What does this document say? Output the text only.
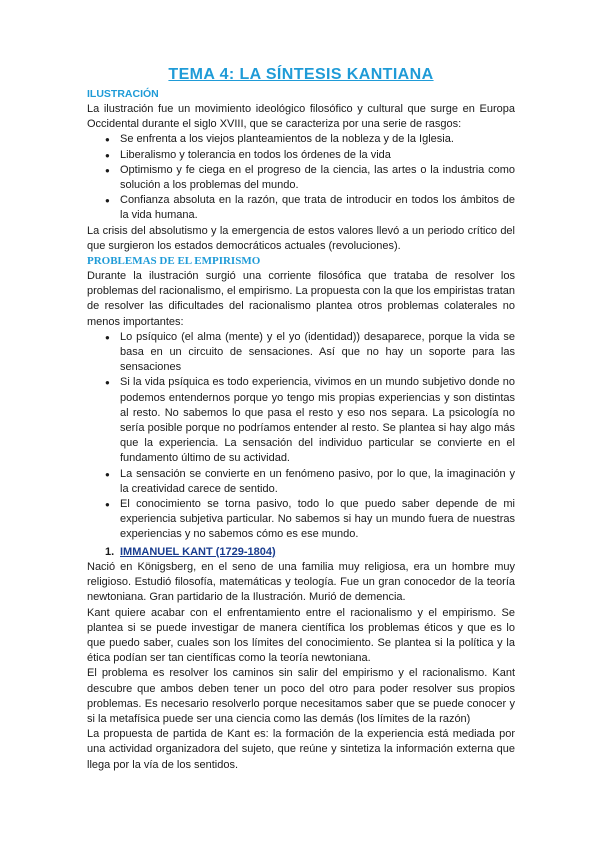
TEMA 4: LA SÍNTESIS KANTIANA
ILUSTRACIÓN

La ilustración fue un movimiento ideológico filosófico y cultural que surge en Europa Occidental durante el siglo XVIII, que se caracteriza por una serie de rasgos:

● Se enfrenta a los viejos planteamientos de la nobleza y de la Iglesia.
● Liberalismo y tolerancia en todos los órdenes de la vida
● Optimismo y fe ciega en el progreso de la ciencia, las artes o la industria como solución a los problemas del mundo.
● Confianza absoluta en la razón, que trata de introducir en todos los ámbitos de la vida humana.

La crisis del absolutismo y la emergencia de estos valores llevó a un periodo crítico del que surgieron los estados democráticos actuales (revoluciones).

PROBLEMAS DE EL EMPIRISMO

Durante la ilustración surgió una corriente filosófica que trataba de resolver los problemas del racionalismo, el empirismo. La propuesta con la que los empiristas tratan de resolver las dificultades del racionalismo plantea otros problemas colaterales no menos importantes:

● Lo psíquico (el alma (mente) y el yo (identidad)) desaparece, porque la vida se basa en un circuito de sensaciones. Así que no hay un soporte para las sensaciones
● Si la vida psíquica es todo experiencia, vivimos en un mundo subjetivo donde no podemos entendernos porque yo tengo mis propias experiencias y son distintas al resto. No sabemos lo que pasa el resto y eso nos separa. La psicología no sería posible porque no podríamos entender al resto. Se plantea si hay algo más que la experiencia. La sensación del individuo particular se convierte en el fundamento último de su actividad.
● La sensación se convierte en un fenómeno pasivo, por lo que, la imaginación y la creatividad carece de sentido.
● El conocimiento se torna pasivo, todo lo que puedo saber depende de mi experiencia subjetiva particular. No sabemos si hay un mundo fuera de nuestras experiencias y no sabemos cómo es ese mundo.
1. IMMANUEL KANT (1729-1804)

Nació en Königsberg, en el seno de una familia muy religiosa, era un hombre muy religioso. Estudió filosofía, matemáticas y teología. Fue un gran conocedor de la teoría newtoniana. Gran partidario de la Ilustración. Murió de demencia.

Kant quiere acabar con el enfrentamiento entre el racionalismo y el empirismo. Se plantea si se puede investigar de manera científica los problemas éticos y que es lo que puedo saber, cuales son los límites del conocimiento. Se plantea si la política y la ética podían ser tan científicas como la teoría newtoniana.

El problema es resolver los caminos sin salir del empirismo y el racionalismo. Kant descubre que ambos deben tener un poco del otro para poder resolver sus propios problemas. Es necesario resolverlo porque necesitamos saber que se puede conocer y si la metafísica puede ser una ciencia como las demás (los límites de la razón)

La propuesta de partida de Kant es: la formación de la experiencia está mediada por una actividad organizadora del sujeto, que reúne y sintetiza la información externa que llega por la vía de los sentidos.
